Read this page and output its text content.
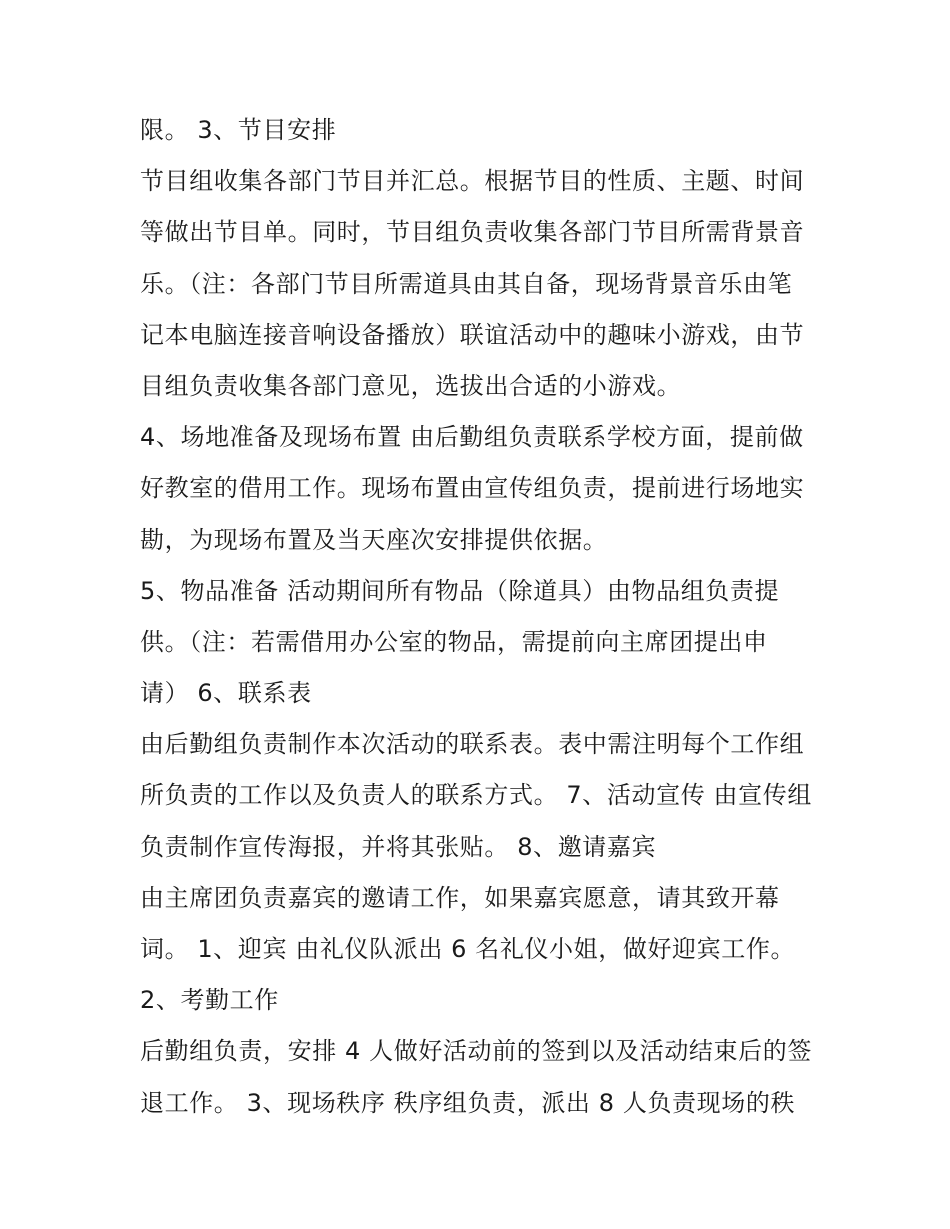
限。 3、节目安排
节目组收集各部门节目并汇总。根据节目的性质、主题、时间
等做出节目单。同时，节目组负责收集各部门节目所需背景音
乐。（注：各部门节目所需道具由其自备，现场背景音乐由笔
记本电脑连接音响设备播放）联谊活动中的趣味小游戏，由节
目组负责收集各部门意见，选拔出合适的小游戏。
4、场地准备及现场布置 由后勤组负责联系学校方面，提前做
好教室的借用工作。现场布置由宣传组负责，提前进行场地实
勘，为现场布置及当天座次安排提供依据。
5、物品准备 活动期间所有物品（除道具）由物品组负责提
供。（注：若需借用办公室的物品，需提前向主席团提出申
请） 6、联系表
由后勤组负责制作本次活动的联系表。表中需注明每个工作组
所负责的工作以及负责人的联系方式。 7、活动宣传 由宣传组
负责制作宣传海报，并将其张贴。 8、邀请嘉宾
由主席团负责嘉宾的邀请工作，如果嘉宾愿意，请其致开幕
词。 1、迎宾 由礼仪队派出 6 名礼仪小姐，做好迎宾工作。
2、考勤工作
后勤组负责，安排 4 人做好活动前的签到以及活动结束后的签
退工作。 3、现场秩序 秩序组负责，派出 8 人负责现场的秩
